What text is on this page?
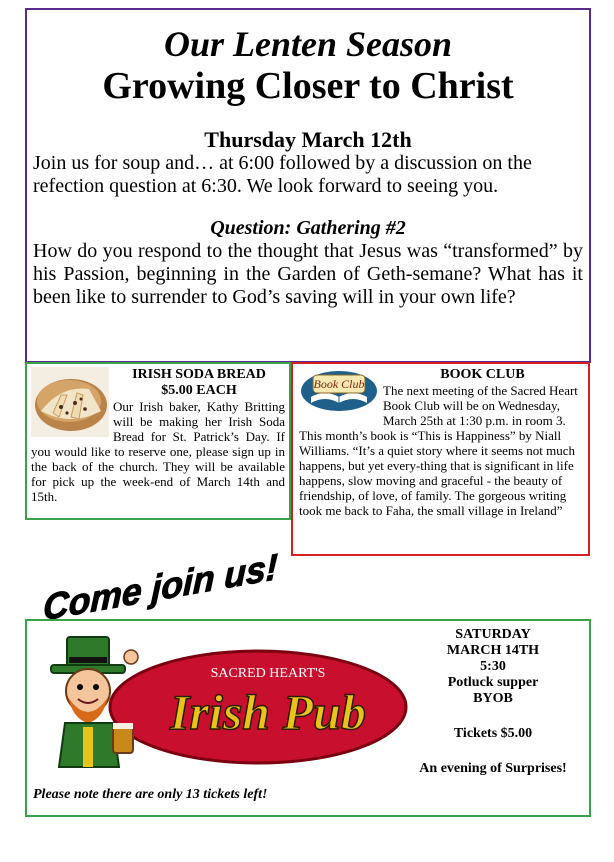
Our Lenten Season
Growing Closer to Christ
Thursday March 12th
Join us for soup and… at 6:00 followed by a discussion on the refection question at 6:30. We look forward to seeing you.
Question: Gathering #2
How do you respond to the thought that Jesus was “transformed” by his Passion, beginning in the Garden of Geth-semane? What has it been like to surrender to God’s saving will in your own life?
IRISH SODA BREAD
$5.00 EACH
Our Irish baker, Kathy Britting will be making her Irish Soda Bread for St. Patrick’s Day. If you would like to reserve one, please sign up in the back of the church. They will be available for pick up the week-end of March 14th and 15th.
Book Club
BOOK CLUB
The next meeting of the Sacred Heart Book Club will be on Wednesday, March 25th at 1:30 p.m. in room 3. This month’s book is “This is Happiness” by Niall Williams. “It’s a quiet story where it seems not much happens, but yet every-thing that is significant in life happens, slow moving and graceful - the beauty of friendship, of love, of family. The gorgeous writing took me back to Faha, the small village in Ireland”
Come join us!
SACRED HEART'S
Irish Pub
SATURDAY
MARCH 14TH
5:30
Potluck supper
BYOB
Tickets $5.00
An evening of Surprises!
Please note there are only 13 tickets left!
